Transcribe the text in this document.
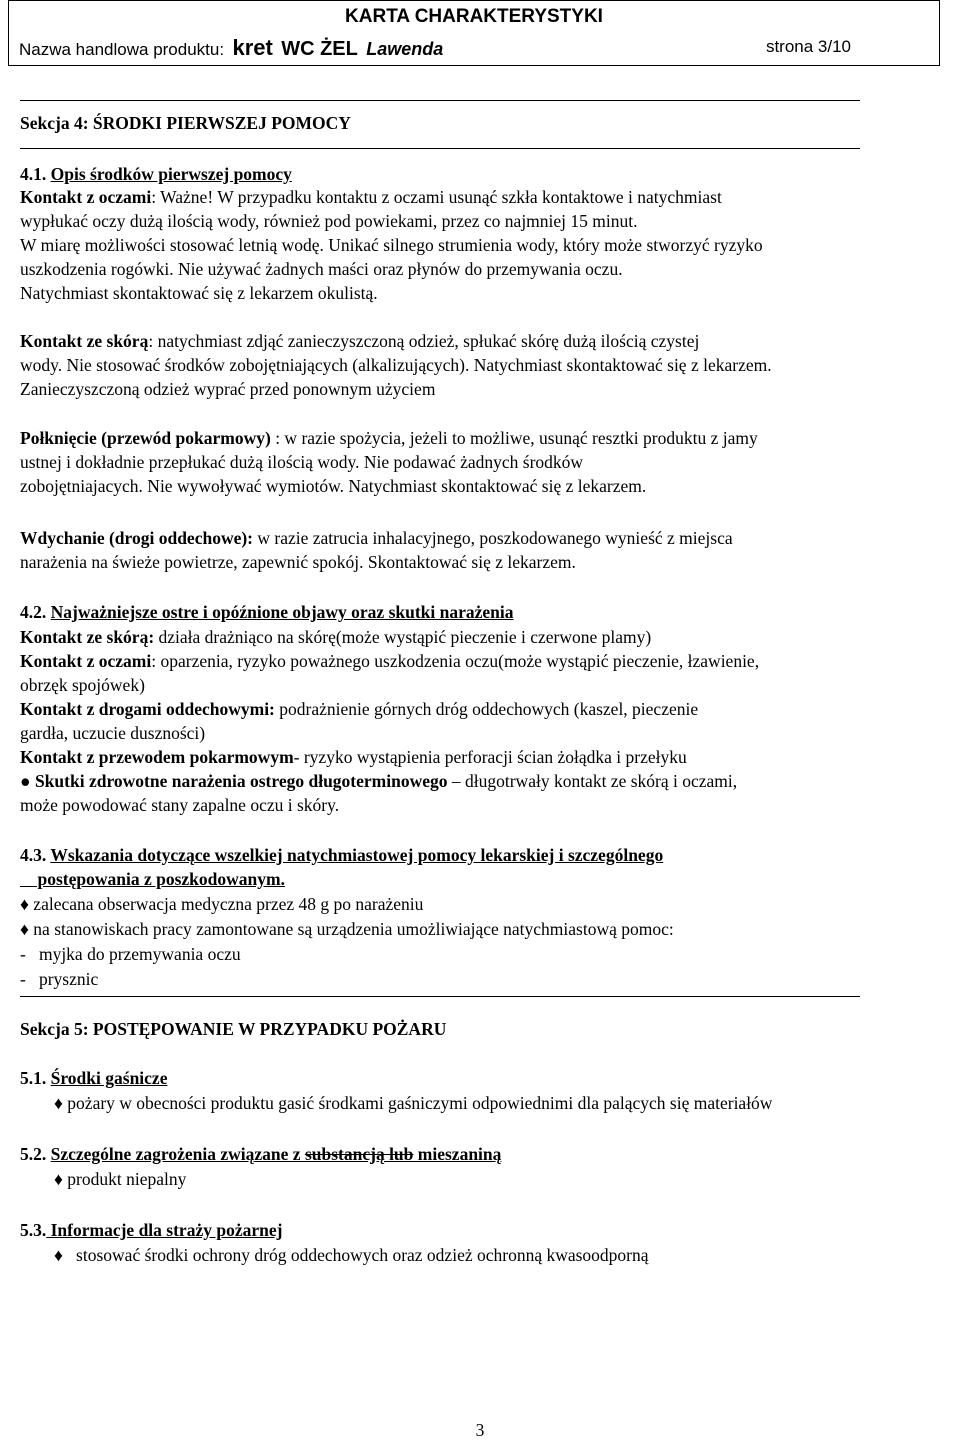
KARTA CHARAKTERYSTYKI
Nazwa handlowa produktu: kret WC ŻEL Lawenda	strona 3/10
Sekcja 4: ŚRODKI PIERWSZEJ POMOCY
4.1. Opis środków pierwszej pomocy
Kontakt z oczami: Ważne! W przypadku kontaktu z oczami usunąć szkła kontaktowe i natychmiast
wypłukać oczy dużą ilością wody, również pod powiekami, przez co najmniej 15 minut.
W miarę możliwości stosować letnią wodę. Unikać silnego strumienia wody, który może stworzyć ryzyko
uszkodzenia rogówki. Nie używać żadnych maści oraz płynów do przemywania oczu.
Natychmiast skontaktować się z lekarzem okulistą.
Kontakt ze skórą: natychmiast zdjąć zanieczyszczoną odzież, spłukać skórę dużą ilością czystej
wody. Nie stosować środków zobojętniających (alkalizujących). Natychmiast skontaktować się z lekarzem.
Zanieczyszczoną odzież wyprać przed ponownym użyciem
Połknięcie (przewód pokarmowy) : w razie spożycia, jeżeli to możliwe, usunąć resztki produktu z jamy
ustnej i dokładnie przepłukać dużą ilością wody. Nie podawać żadnych środków
zobojętniajacych. Nie wywoływać wymiotów. Natychmiast skontaktować się z lekarzem.
Wdychanie (drogi oddechowe): w razie zatrucia inhalacyjnego, poszkodowanego wynieść z miejsca
narażenia na świeże powietrze, zapewnić spokój. Skontaktować się z lekarzem.
4.2. Najważniejsze ostre i opóźnione objawy oraz skutki narażenia
Kontakt ze skórą: działa drażniąco na skórę(może wystąpić pieczenie i czerwone plamy)
Kontakt z oczami: oparzenia, ryzyko poważnego uszkodzenia oczu(może wystąpić pieczenie, łzawienie,
obrzęk spojówek)
Kontakt z drogami oddechowymi: podrażnienie górnych dróg oddechowych (kaszel, pieczenie
gardła, uczucie duszności)
Kontakt z przewodem pokarmowym- ryzyko wystąpienia perforacji ścian żołądka i przełyku
● Skutki zdrowotne narażenia ostrego długoterminowego – długotrwały kontakt ze skórą i oczami,
może powodować stany zapalne oczu i skóry.
4.3. Wskazania dotyczące wszelkiej natychmiastowej pomocy lekarskiej i szczególnego
postępowania z poszkodowanym.
♦ zalecana obserwacja medyczna przez 48 g po narażeniu
♦ na stanowiskach pracy zamontowane są urządzenia umożliwiające natychmiastową pomoc:
-   myjka do przemywania oczu
-   prysznic
Sekcja 5: POSTĘPOWANIE W PRZYPADKU POŻARU
5.1. Środki gaśnicze
♦ pożary w obecności produktu gasić środkami gaśniczymi odpowiednimi dla palących się materiałów
5.2. Szczególne zagrożenia związane z substancją lub mieszaniną
♦ produkt niepalny
5.3. Informacje dla straży pożarnej
♦   stosować środki ochrony dróg oddechowych oraz odzież ochronną kwasoodporną
3
